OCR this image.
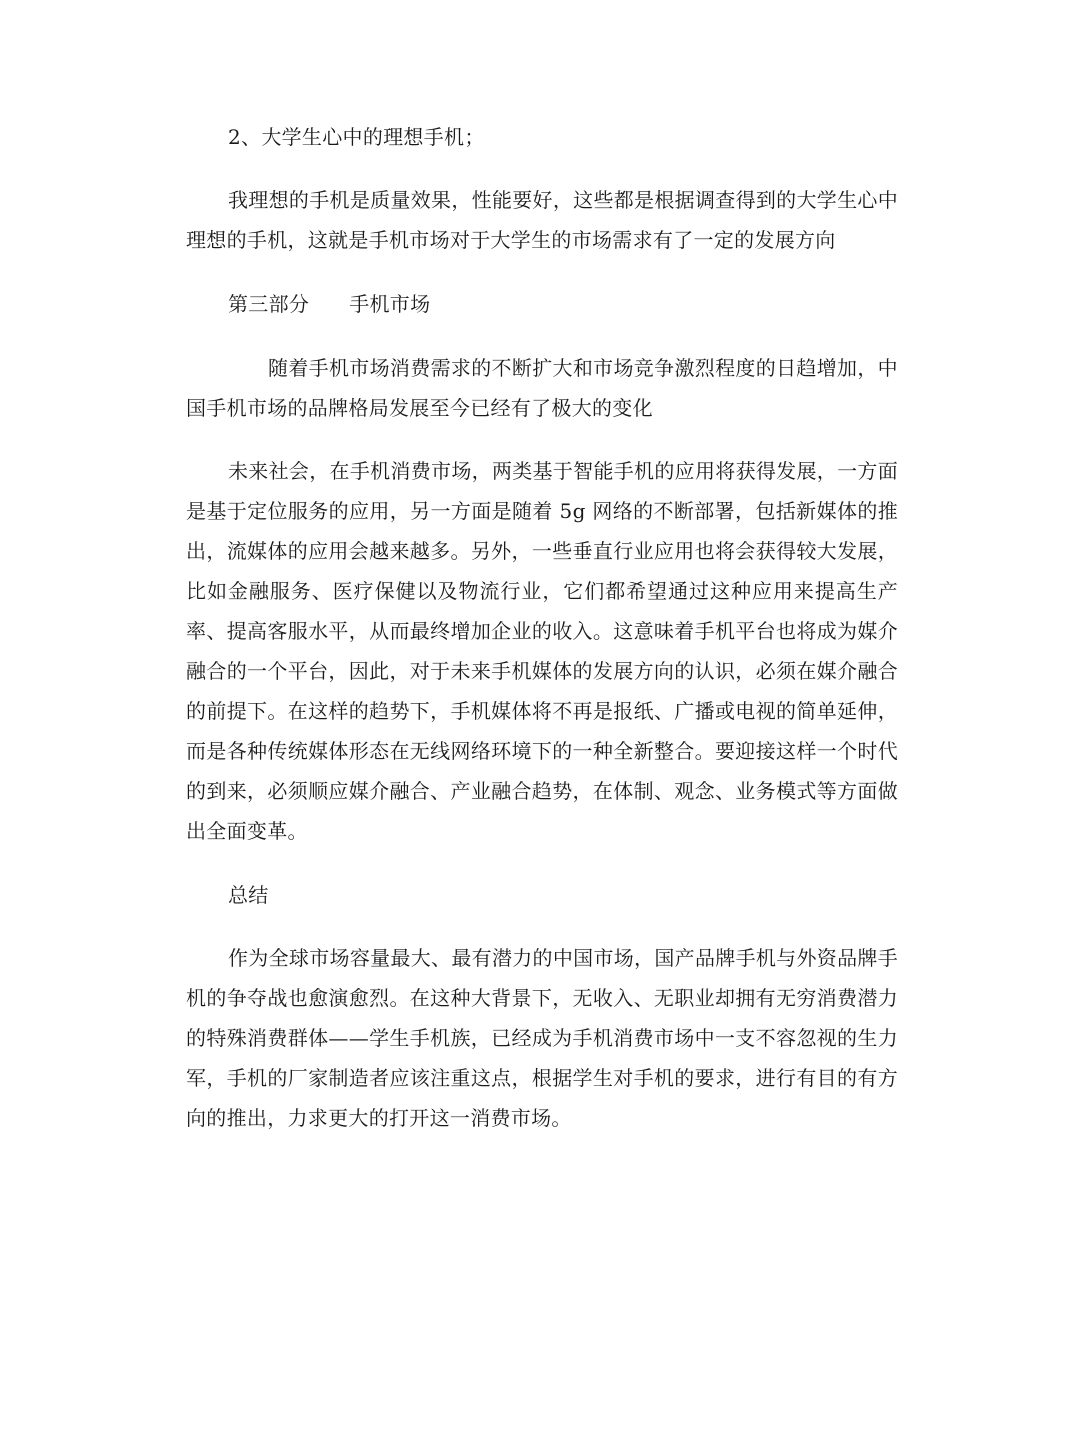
2、大学生心中的理想手机；

我理想的手机是质量效果，性能要好，这些都是根据调查得到的大学生心中理想的手机，这就是手机市场对于大学生的市场需求有了一定的发展方向

第三部分 手机市场

随着手机市场消费需求的不断扩大和市场竞争激烈程度的日趋增加，中国手机市场的品牌格局发展至今已经有了极大的变化

未来社会，在手机消费市场，两类基于智能手机的应用将获得发展，一方面是基于定位服务的应用，另一方面是随着 5g 网络的不断部署，包括新媒体的推出，流媒体的应用会越来越多。另外，一些垂直行业应用也将会获得较大发展，比如金融服务、医疗保健以及物流行业，它们都希望通过这种应用来提高生产率、提高客服水平，从而最终增加企业的收入。这意味着手机平台也将成为媒介融合的一个平台，因此，对于未来手机媒体的发展方向的认识，必须在媒介融合的前提下。在这样的趋势下，手机媒体将不再是报纸、广播或电视的简单延伸，而是各种传统媒体形态在无线网络环境下的一种全新整合。要迎接这样一个时代的到来，必须顺应媒介融合、产业融合趋势，在体制、观念、业务模式等方面做出全面变革。

总结

作为全球市场容量最大、最有潜力的中国市场，国产品牌手机与外资品牌手机的争夺战也愈演愈烈。在这种大背景下，无收入、无职业却拥有无穷消费潜力的特殊消费群体——学生手机族，已经成为手机消费市场中一支不容忽视的生力军，手机的厂家制造者应该注重这点，根据学生对手机的要求，进行有目的有方向的推出，力求更大的打开这一消费市场。
